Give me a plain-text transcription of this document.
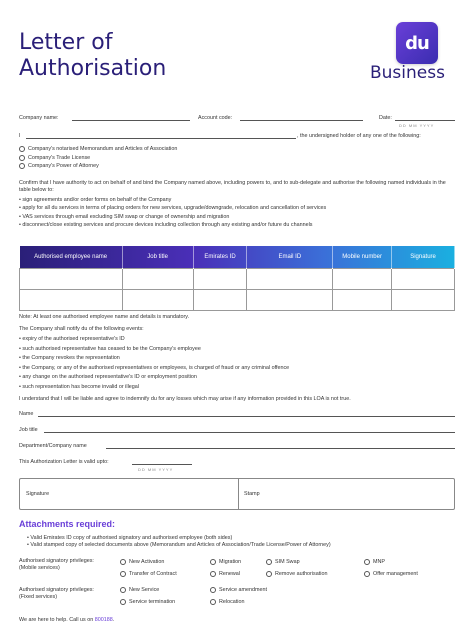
Letter of
Authorisation
du
Business
Company name:	Account code:	Date:
DD MM YYYY
I	, the undersigned holder of any one of the following:
Company's notarised Memorandum and Articles of Association
Company's Trade License
Company's Power of Attorney
Confirm that I have authority to act on behalf of and bind the Company named above, including powers to, and to sub-delegate and authorise the following named individuals in the table below to:
• sign agreements and/or order forms on behalf of the Company
• apply for all du services in terms of placing orders for new services, upgrade/downgrade, relocation and cancellation of services
• VAS services through email excluding SIM swap or change of ownership and migration
• disconnect/close existing services and procure devices including collection through any existing and/or future du channels
Authorised employee name	Job title	Emirates ID	Email ID	Mobile number	Signature

Note: At least one authorised employee name and details is mandatory.
The Company shall notify du of the following events:
• expiry of the authorised representative's ID
• such authorised representative has ceased to be the Company's employee
• the Company revokes the representation
• the Company, or any of the authorised representatives or employees, is charged of fraud or any criminal offence
• any change on the authorised representative's ID or employment position
• such representation has become invalid or illegal
I understand that I will be liable and agree to indemnify du for any losses which may arise if any information provided in this LOA is not true.
Name
Job title
Department/Company name
This Authorization Letter is valid upto:
DD MM YYYY
Signature	Stamp
Attachments required:
• Valid Emirates ID copy of authorised signatory and authorised employee (both sides)
• Valid stamped copy of selected documents above (Memorandum and Articles of Association/Trade License/Power of Attorney)
Authorised signatory privileges:
(Mobile services)
New Activation	Migration	SIM Swap	MNP
Transfer of Contract	Renewal	Remove authorisation	Offer management
Authorised signatory privileges:
(Fixed services)
New Service	Service amendment
Service termination	Relocation
We are here to help. Call us on 800188.
